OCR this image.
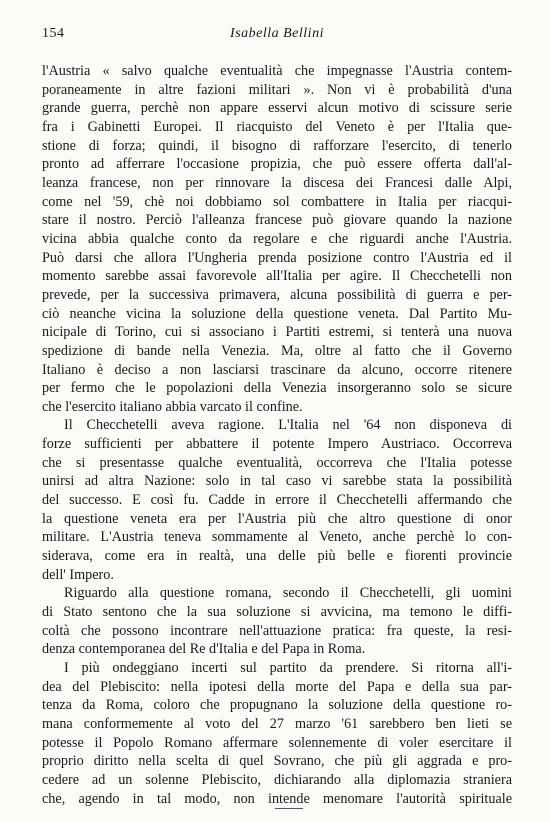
154	Isabella Bellini
l'Austria « salvo qualche eventualità che impegnasse l'Austria contem-
poraneamente in altre fazioni militari ». Non vi è probabilità d'una
grande guerra, perchè non appare esservi alcun motivo di scissure serie
fra i Gabinetti Europei. Il riacquisto del Veneto è per l'Italia que-
stione di forza; quindi, il bisogno di rafforzare l'esercito, di tenerlo
pronto ad afferrare l'occasione propizia, che può essere offerta dall'al-
leanza francese, non per rinnovare la discesa dei Francesi dalle Alpi,
come nel '59, chè noi dobbiamo sol combattere in Italia per riacqui-
stare il nostro. Perciò l'alleanza francese può giovare quando la nazione
vicina abbia qualche conto da regolare e che riguardi anche l'Austria.
Può darsi che allora l'Ungheria prenda posizione contro l'Austria ed il
momento sarebbe assai favorevole all'Italia per agire. Il Checchetelli non
prevede, per la successiva primavera, alcuna possibilità di guerra e per-
ciò neanche vicina la soluzione della questione veneta. Dal Partito Mu-
nicipale di Torino, cui si associano i Partiti estremi, si tenterà una nuova
spedizione di bande nella Venezia. Ma, oltre al fatto che il Governo
Italiano è deciso a non lasciarsi trascinare da alcuno, occorre ritenere
per fermo che le popolazioni della Venezia insorgeranno solo se sicure
che l'esercito italiano abbia varcato il confine.
Il Checchetelli aveva ragione. L'Italia nel '64 non disponeva di
forze sufficienti per abbattere il potente Impero Austriaco. Occorreva
che si presentasse qualche eventualità, occorreva che l'Italia potesse
unirsi ad altra Nazione: solo in tal caso vi sarebbe stata la possibilità
del successo. E così fu. Cadde in errore il Checchetelli affermando che
la questione veneta era per l'Austria più che altro questione di onor
militare. L'Austria teneva sommamente al Veneto, anche perchè lo con-
siderava, come era in realtà, una delle più belle e fiorenti provincie
dell' Impero.
Riguardo alla questione romana, secondo il Checchetelli, gli uomini
di Stato sentono che la sua soluzione si avvicina, ma temono le diffi-
coltà che possono incontrare nell'attuazione pratica: fra queste, la resi-
denza contemporanea del Re d'Italia e del Papa in Roma.
I più ondeggiano incerti sul partito da prendere. Si ritorna all'i-
dea del Plebiscito: nella ipotesi della morte del Papa e della sua par-
tenza da Roma, coloro che propugnano la soluzione della questione ro-
mana conformemente al voto del 27 marzo '61 sarebbero ben lieti se
potesse il Popolo Romano affermare solennemente di voler esercitare il
proprio diritto nella scelta di quel Sovrano, che più gli aggrada e pro-
cedere ad un solenne Plebiscito, dichiarando alla diplomazia straniera
che, agendo in tal modo, non intende menomare l'autorità spirituale
